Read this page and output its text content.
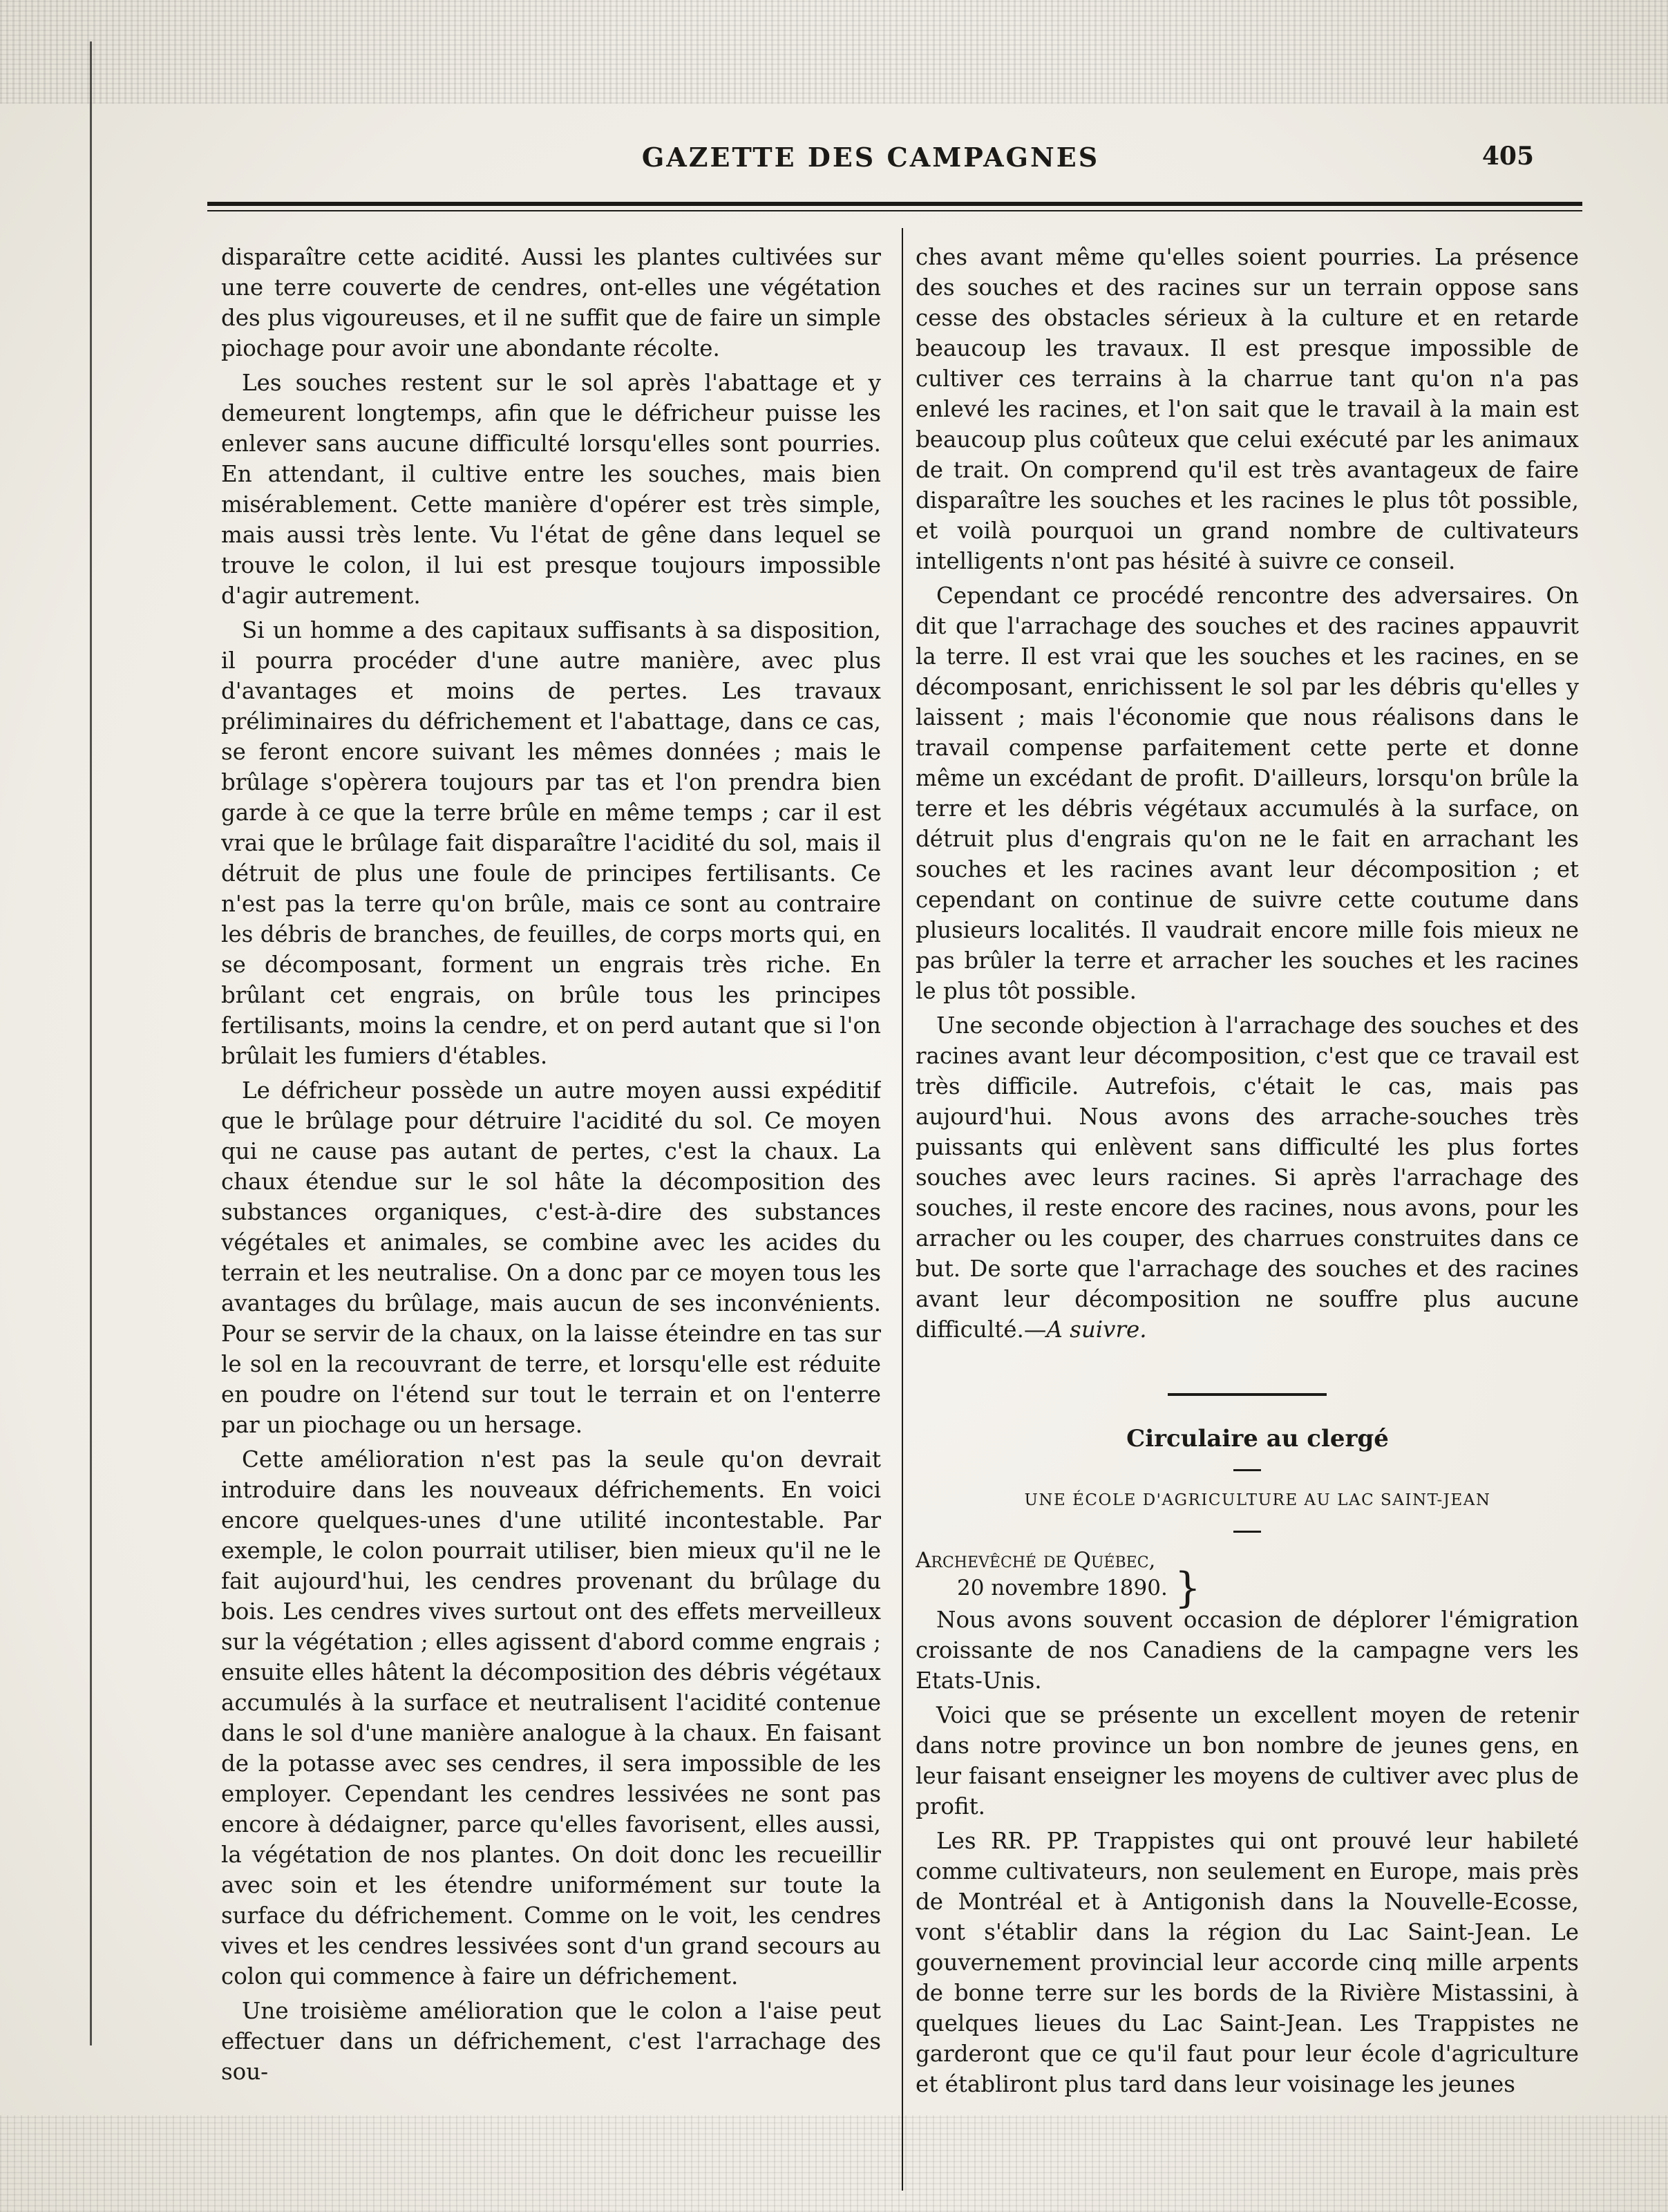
GAZETTE DES CAMPAGNES	405

disparaître cette acidité. Aussi les plantes cultivées sur une terre couverte de cendres, ont-elles une végétation des plus vigoureuses, et il ne suffit que de faire un simple piochage pour avoir une abondante récolte.

Les souches restent sur le sol après l'abattage et y demeurent longtemps, afin que le défricheur puisse les enlever sans aucune difficulté lorsqu'elles sont pourries. En attendant, il cultive entre les souches, mais bien misérablement. Cette manière d'opérer est très simple, mais aussi très lente. Vu l'état de gêne dans lequel se trouve le colon, il lui est presque toujours impossible d'agir autrement.

Si un homme a des capitaux suffisants à sa disposition, il pourra procéder d'une autre manière, avec plus d'avantages et moins de pertes. Les travaux préliminaires du défrichement et l'abattage, dans ce cas, se feront encore suivant les mêmes données ; mais le brûlage s'opèrera toujours par tas et l'on prendra bien garde à ce que la terre brûle en même temps ; car il est vrai que le brûlage fait disparaître l'acidité du sol, mais il détruit de plus une foule de principes fertilisants. Ce n'est pas la terre qu'on brûle, mais ce sont au contraire les débris de branches, de feuilles, de corps morts qui, en se décomposant, forment un engrais très riche. En brûlant cet engrais, on brûle tous les principes fertilisants, moins la cendre, et on perd autant que si l'on brûlait les fumiers d'étables.

Le défricheur possède un autre moyen aussi expéditif que le brûlage pour détruire l'acidité du sol. Ce moyen qui ne cause pas autant de pertes, c'est la chaux. La chaux étendue sur le sol hâte la décomposition des substances organiques, c'est-à-dire des substances végétales et animales, se combine avec les acides du terrain et les neutralise. On a donc par ce moyen tous les avantages du brûlage, mais aucun de ses inconvénients. Pour se servir de la chaux, on la laisse éteindre en tas sur le sol en la recouvrant de terre, et lorsqu'elle est réduite en poudre on l'étend sur tout le terrain et on l'enterre par un piochage ou un hersage.

Cette amélioration n'est pas la seule qu'on devrait introduire dans les nouveaux défrichements. En voici encore quelques-unes d'une utilité incontestable. Par exemple, le colon pourrait utiliser, bien mieux qu'il ne le fait aujourd'hui, les cendres provenant du brûlage du bois. Les cendres vives surtout ont des effets merveilleux sur la végétation ; elles agissent d'abord comme engrais ; ensuite elles hâtent la décomposition des débris végétaux accumulés à la surface et neutralisent l'acidité contenue dans le sol d'une manière analogue à la chaux. En faisant de la potasse avec ses cendres, il sera impossible de les employer. Cependant les cendres lessivées ne sont pas encore à dédaigner, parce qu'elles favorisent, elles aussi, la végétation de nos plantes. On doit donc les recueillir avec soin et les étendre uniformément sur toute la surface du défrichement. Comme on le voit, les cendres vives et les cendres lessivées sont d'un grand secours au colon qui commence à faire un défrichement.

Une troisième amélioration que le colon a l'aise peut effectuer dans un défrichement, c'est l'arrachage des sou-

ches avant même qu'elles soient pourries. La présence des souches et des racines sur un terrain oppose sans cesse des obstacles sérieux à la culture et en retarde beaucoup les travaux. Il est presque impossible de cultiver ces terrains à la charrue tant qu'on n'a pas enlevé les racines, et l'on sait que le travail à la main est beaucoup plus coûteux que celui exécuté par les animaux de trait. On comprend qu'il est très avantageux de faire disparaître les souches et les racines le plus tôt possible, et voilà pourquoi un grand nombre de cultivateurs intelligents n'ont pas hésité à suivre ce conseil.

Cependant ce procédé rencontre des adversaires. On dit que l'arrachage des souches et des racines appauvrit la terre. Il est vrai que les souches et les racines, en se décomposant, enrichissent le sol par les débris qu'elles y laissent ; mais l'économie que nous réalisons dans le travail compense parfaitement cette perte et donne même un excédant de profit. D'ailleurs, lorsqu'on brûle la terre et les débris végétaux accumulés à la surface, on détruit plus d'engrais qu'on ne le fait en arrachant les souches et les racines avant leur décomposition ; et cependant on continue de suivre cette coutume dans plusieurs localités. Il vaudrait encore mille fois mieux ne pas brûler la terre et arracher les souches et les racines le plus tôt possible.

Une seconde objection à l'arrachage des souches et des racines avant leur décomposition, c'est que ce travail est très difficile. Autrefois, c'était le cas, mais pas aujourd'hui. Nous avons des arrache-souches très puissants qui enlèvent sans difficulté les plus fortes souches avec leurs racines. Si après l'arrachage des souches, il reste encore des racines, nous avons, pour les arracher ou les couper, des charrues construites dans ce but. De sorte que l'arrachage des souches et des racines avant leur décomposition ne souffre plus aucune difficulté.—A suivre.

Circulaire au clergé

UNE ÉCOLE D'AGRICULTURE AU LAC SAINT-JEAN

Archevêché de Québec,
20 novembre 1890. }

Nous avons souvent occasion de déplorer l'émigration croissante de nos Canadiens de la campagne vers les Etats-Unis.

Voici que se présente un excellent moyen de retenir dans notre province un bon nombre de jeunes gens, en leur faisant enseigner les moyens de cultiver avec plus de profit.

Les RR. PP. Trappistes qui ont prouvé leur habileté comme cultivateurs, non seulement en Europe, mais près de Montréal et à Antigonish dans la Nouvelle-Ecosse, vont s'établir dans la région du Lac Saint-Jean. Le gouvernement provincial leur accorde cinq mille arpents de bonne terre sur les bords de la Rivière Mistassini, à quelques lieues du Lac Saint-Jean. Les Trappistes ne garderont que ce qu'il faut pour leur école d'agriculture et établiront plus tard dans leur voisinage les jeunes
